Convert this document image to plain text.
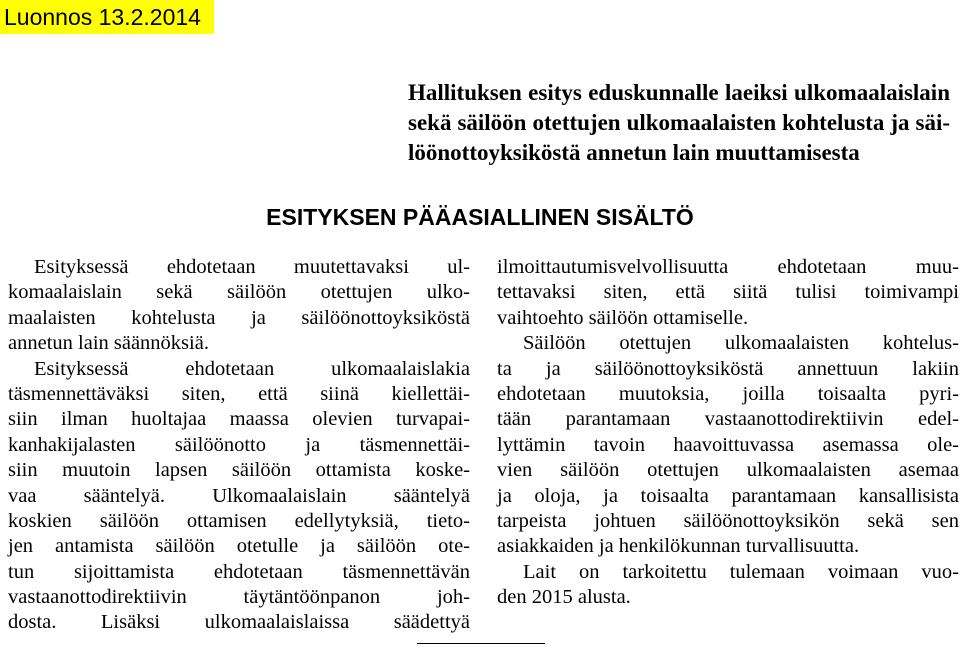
Luonnos 13.2.2014
Hallituksen esitys eduskunnalle laeiksi ulkomaalaislain
sekä säilöön otettujen ulkomaalaisten kohtelusta ja säi-
löönottoyksiköstä annetun lain muuttamisesta
ESITYKSEN PÄÄASIALLINEN SISÄLTÖ
Esityksessä ehdotetaan muutettavaksi ul-
komaalaislain sekä säilöön otettujen ulko-
maalaisten kohtelusta ja säilöönottoyksiköstä
annetun lain säännöksiä.
Esityksessä ehdotetaan ulkomaalaislakia
täsmennettäväksi siten, että siinä kiellettäi-
siin ilman huoltajaa maassa olevien turvapai-
kanhakijalasten säilöönotto ja täsmennettäi-
siin muutoin lapsen säilöön ottamista koske-
vaa sääntelyä. Ulkomaalaislain sääntelyä
koskien säilöön ottamisen edellytyksiä, tieto-
jen antamista säilöön otetulle ja säilöön ote-
tun sijoittamista ehdotetaan täsmennettävän
vastaanottodirektiivin täytäntöönpanon joh-
dosta. Lisäksi ulkomaalaislaissa säädettyä
ilmoittautumisvelvollisuutta ehdotetaan muu-
tettavaksi siten, että siitä tulisi toimivampi
vaihtoehto säilöön ottamiselle.
Säilöön otettujen ulkomaalaisten kohtelus-
ta ja säilöönottoyksiköstä annettuun lakiin
ehdotetaan muutoksia, joilla toisaalta pyri-
tään parantamaan vastaanottodirektiivin edel-
lyttämin tavoin haavoittuvassa asemassa ole-
vien säilöön otettujen ulkomaalaisten asemaa
ja oloja, ja toisaalta parantamaan kansallisista
tarpeista johtuen säilöönottoyksikön sekä sen
asiakkaiden ja henkilökunnan turvallisuutta.
Lait on tarkoitettu tulemaan voimaan vuo-
den 2015 alusta.
